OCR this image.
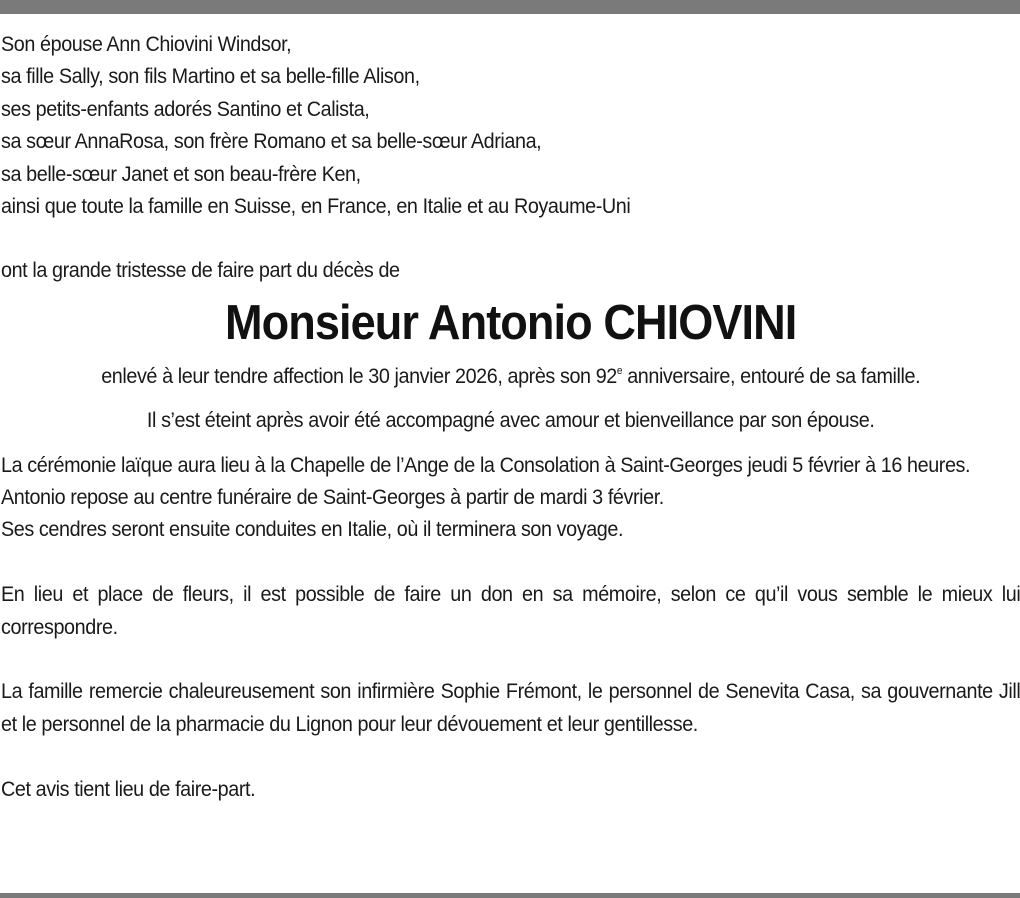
Son épouse Ann Chiovini Windsor,
sa fille Sally, son fils Martino et sa belle-fille Alison,
ses petits-enfants adorés Santino et Calista,
sa sœur AnnaRosa, son frère Romano et sa belle-sœur Adriana,
sa belle-sœur Janet et son beau-frère Ken,
ainsi que toute la famille en Suisse, en France, en Italie et au Royaume-Uni

ont la grande tristesse de faire part du décès de

Monsieur Antonio CHIOVINI

enlevé à leur tendre affection le 30 janvier 2026, après son 92e anniversaire, entouré de sa famille.

Il s’est éteint après avoir été accompagné avec amour et bienveillance par son épouse.

La cérémonie laïque aura lieu à la Chapelle de l’Ange de la Consolation à Saint-Georges jeudi 5 février à 16 heures.

Antonio repose au centre funéraire de Saint-Georges à partir de mardi 3 février.

Ses cendres seront ensuite conduites en Italie, où il terminera son voyage.

En lieu et place de fleurs, il est possible de faire un don en sa mémoire, selon ce qu’il vous semble le mieux lui correspondre.

La famille remercie chaleureusement son infirmière Sophie Frémont, le personnel de Senevita Casa, sa gouvernante Jill et le personnel de la pharmacie du Lignon pour leur dévouement et leur gentillesse.

Cet avis tient lieu de faire-part.
